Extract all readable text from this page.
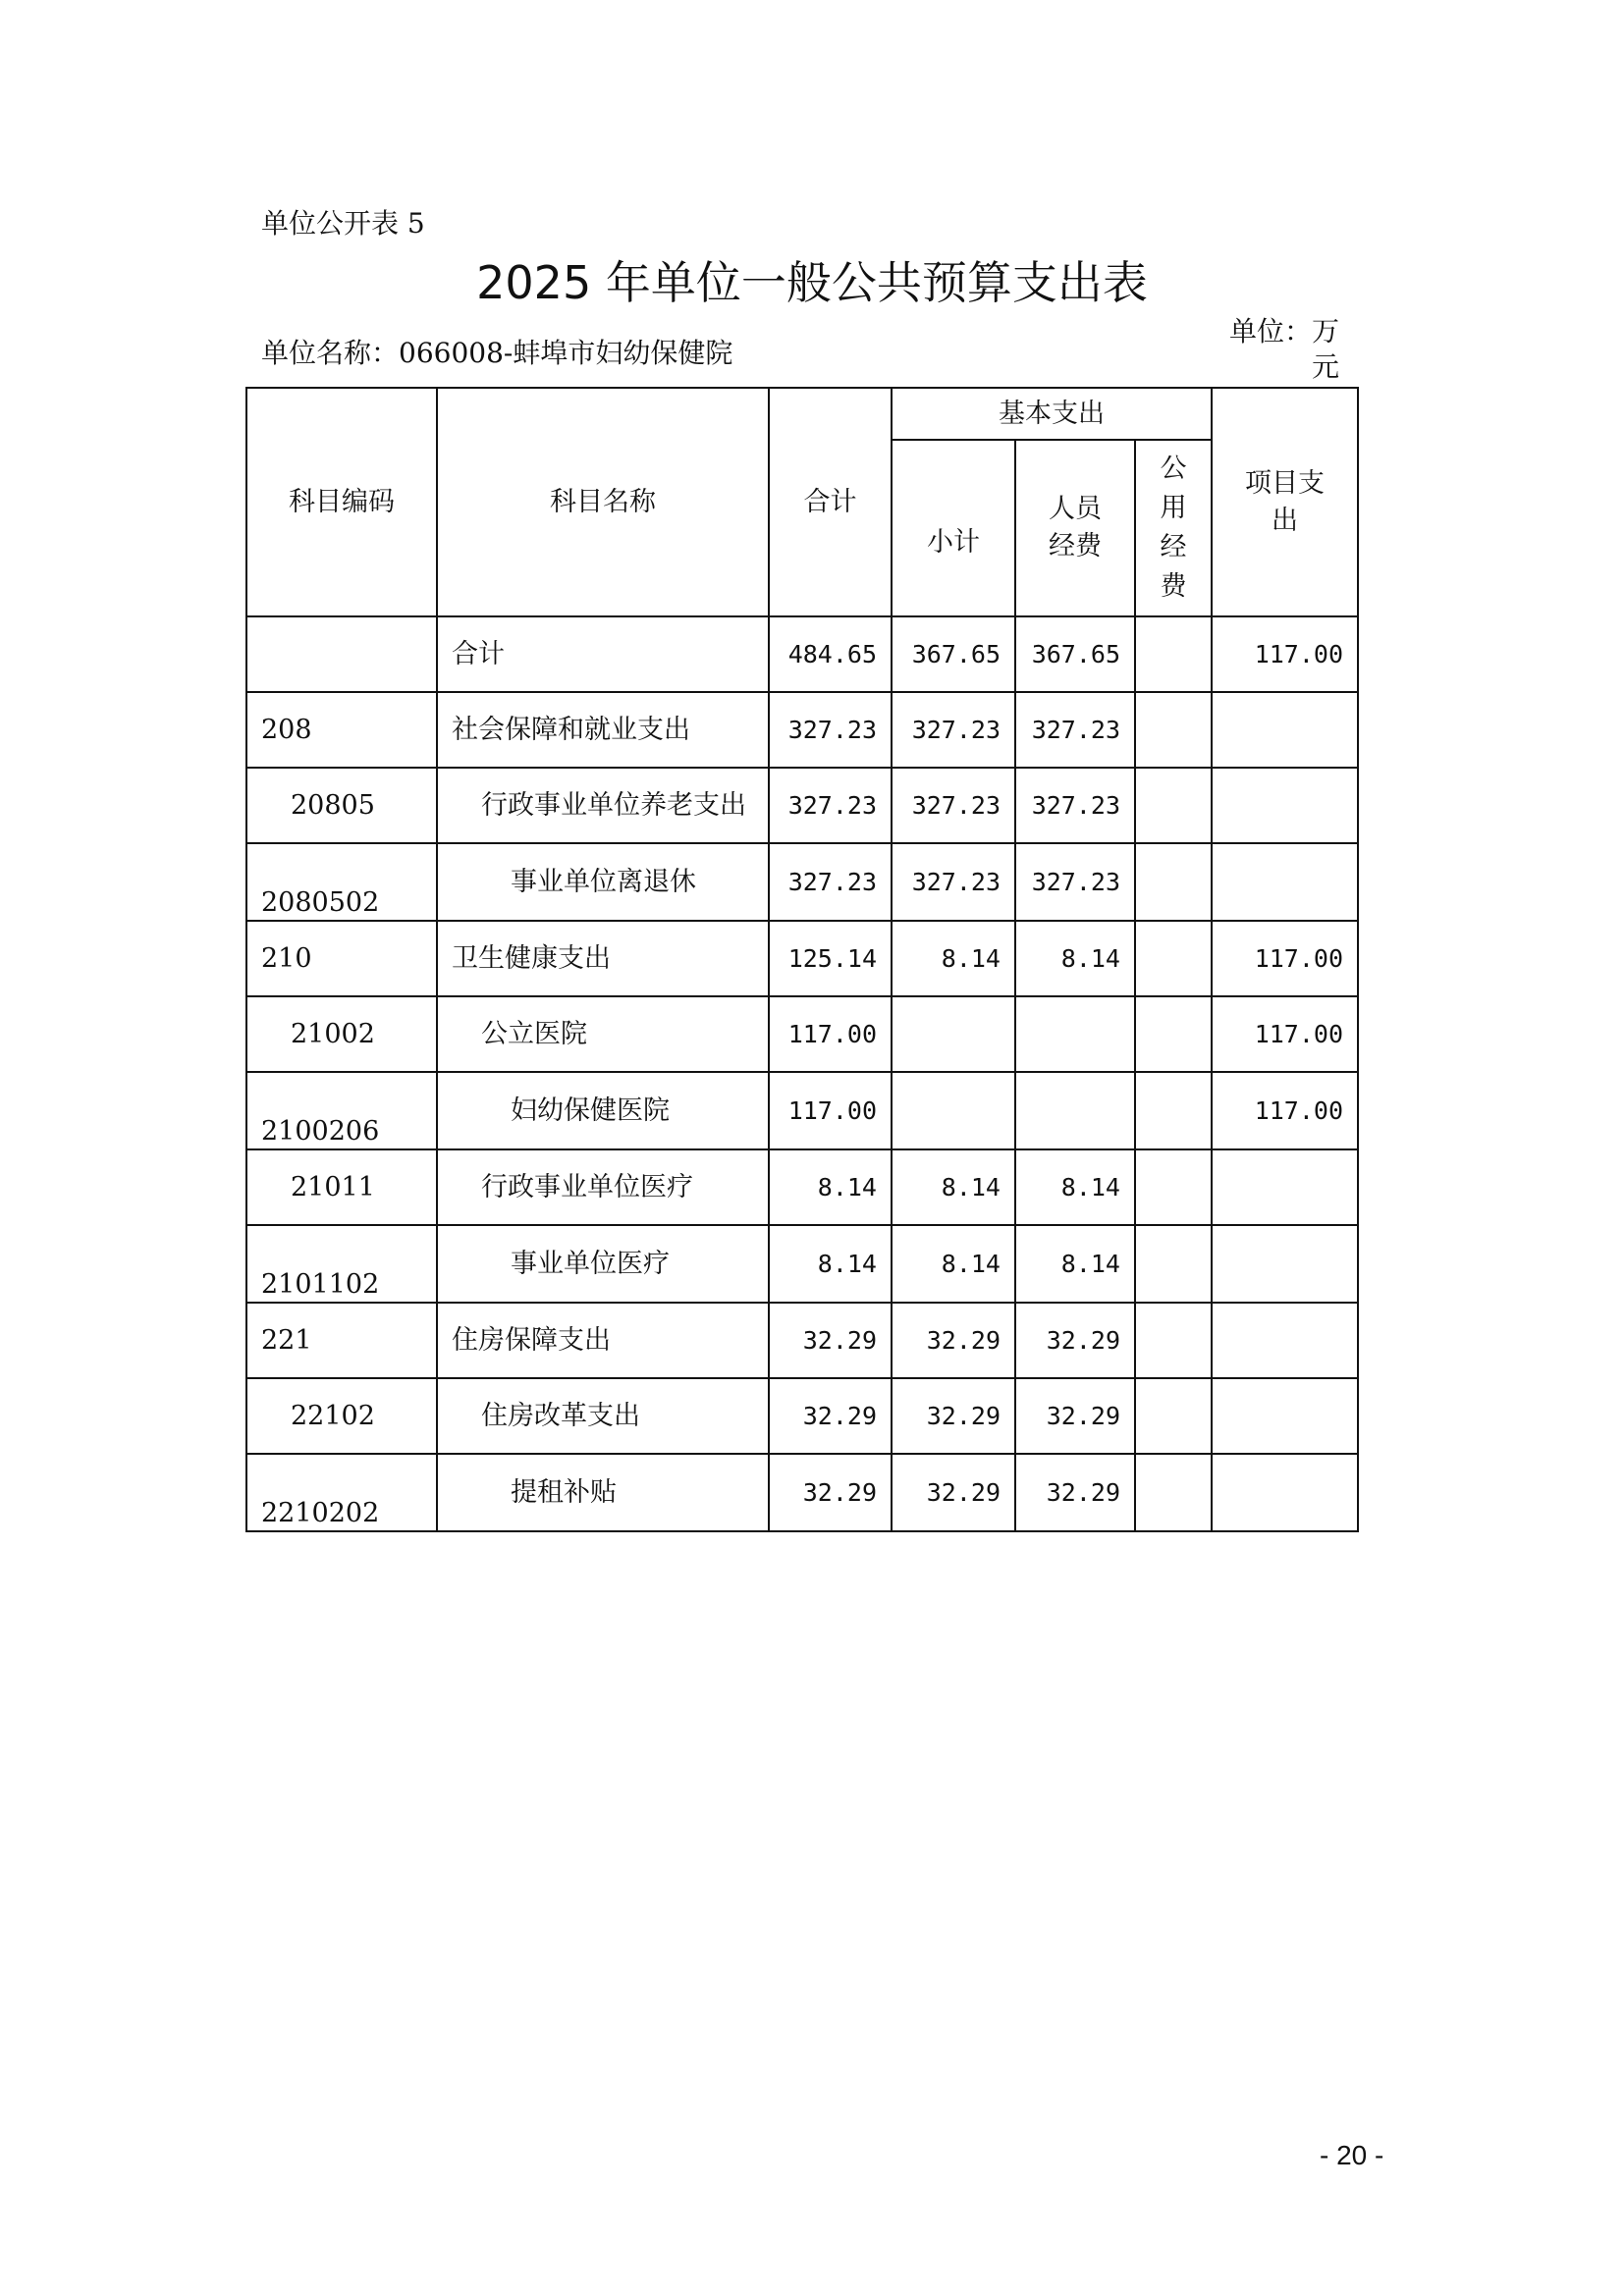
单位公开表 5
2025 年单位一般公共预算支出表
单位名称：066008-蚌埠市妇幼保健院
单位：万元
科目编码	科目名称	合计	基本支出			项目支出
			小计	人员经费	公用经费	
	合计	484.65	367.65	367.65		117.00
208	社会保障和就业支出	327.23	327.23	327.23		
20805	行政事业单位养老支出	327.23	327.23	327.23		
2080502	事业单位离退休	327.23	327.23	327.23		
210	卫生健康支出	125.14	8.14	8.14		117.00
21002	公立医院	117.00				117.00
2100206	妇幼保健医院	117.00				117.00
21011	行政事业单位医疗	8.14	8.14	8.14		
2101102	事业单位医疗	8.14	8.14	8.14		
221	住房保障支出	32.29	32.29	32.29		
22102	住房改革支出	32.29	32.29	32.29		
2210202	提租补贴	32.29	32.29	32.29		
- 20 -
